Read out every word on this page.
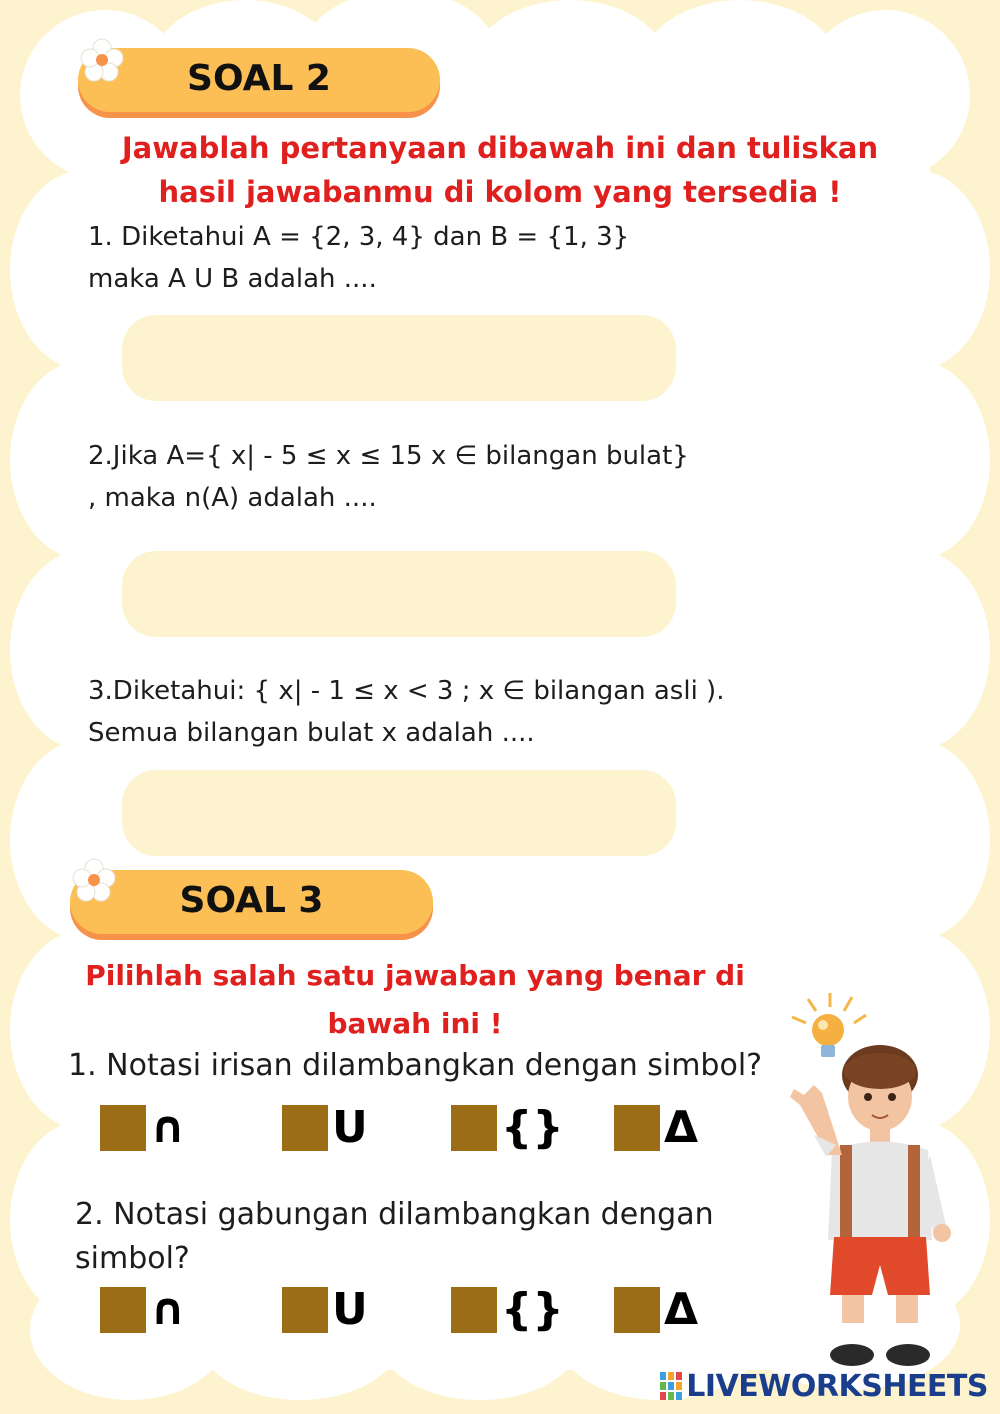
SOAL 2
Jawablah pertanyaan dibawah ini dan tuliskan
hasil jawabanmu di kolom yang tersedia !
1. Diketahui A = {2, 3, 4} dan B = {1, 3}
maka A U B adalah ....
2.Jika A={ x| - 5 ≤ x ≤ 15 x ∈ bilangan bulat}
, maka n(A) adalah ....
3.Diketahui: { x| - 1 ≤ x < 3 ; x ∈ bilangan asli ).
Semua bilangan bulat x adalah ....
SOAL 3
Pilihlah salah satu jawaban yang benar di
bawah ini !
1. Notasi irisan dilambangkan dengan simbol?
∩	U	{} Δ
2. Notasi gabungan dilambangkan dengan
simbol?
∩	U	{} Δ
LIVEWORKSHEETS
